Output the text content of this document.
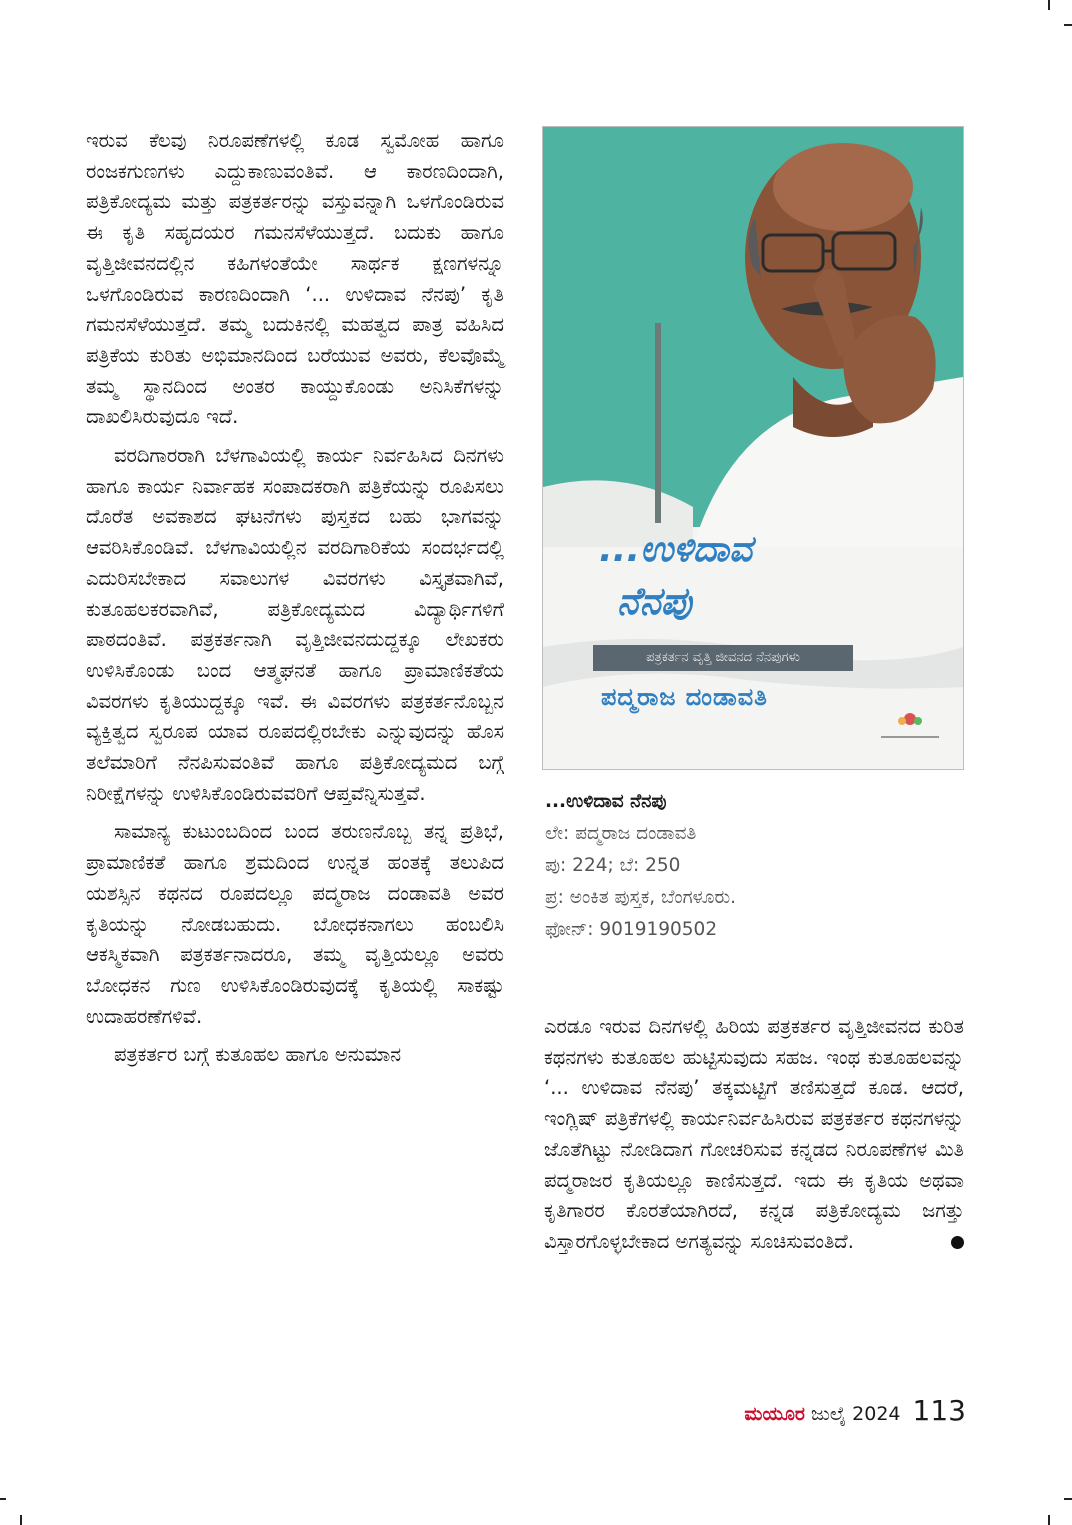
ಇರುವ ಕೆಲವು ನಿರೂಪಣೆಗಳಲ್ಲಿ ಕೂಡ ಸ್ವಮೋಹ ಹಾಗೂ ರಂಜಕಗುಣಗಳು ಎದ್ದುಕಾಣುವಂತಿವೆ. ಆ ಕಾರಣದಿಂದಾಗಿ, ಪತ್ರಿಕೋದ್ಯಮ ಮತ್ತು ಪತ್ರಕರ್ತರನ್ನು ವಸ್ತುವನ್ನಾಗಿ ಒಳಗೊಂಡಿರುವ ಈ ಕೃತಿ ಸಹೃದಯರ ಗಮನಸೆಳೆಯುತ್ತದೆ. ಬದುಕು ಹಾಗೂ ವೃತ್ತಿಜೀವನದಲ್ಲಿನ ಕಹಿಗಳಂತೆಯೇ ಸಾರ್ಥಕ ಕ್ಷಣಗಳನ್ನೂ ಒಳಗೊಂಡಿರುವ ಕಾರಣದಿಂದಾಗಿ ‘... ಉಳಿದಾವ ನೆನಪು’ ಕೃತಿ ಗಮನಸೆಳೆಯುತ್ತದೆ. ತಮ್ಮ ಬದುಕಿನಲ್ಲಿ ಮಹತ್ವದ ಪಾತ್ರ ವಹಿಸಿದ ಪತ್ರಿಕೆಯ ಕುರಿತು ಅಭಿಮಾನದಿಂದ ಬರೆಯುವ ಅವರು, ಕೆಲವೊಮ್ಮೆ ತಮ್ಮ ಸ್ಥಾನದಿಂದ ಅಂತರ ಕಾಯ್ದುಕೊಂಡು ಅನಿಸಿಕೆಗಳನ್ನು ದಾಖಲಿಸಿರುವುದೂ ಇದೆ.

ವರದಿಗಾರರಾಗಿ ಬೆಳಗಾವಿಯಲ್ಲಿ ಕಾರ್ಯ ನಿರ್ವಹಿಸಿದ ದಿನಗಳು ಹಾಗೂ ಕಾರ್ಯ ನಿರ್ವಾಹಕ ಸಂಪಾದಕರಾಗಿ ಪತ್ರಿಕೆಯನ್ನು ರೂಪಿಸಲು ದೊರೆತ ಅವಕಾಶದ ಘಟನೆಗಳು ಪುಸ್ತಕದ ಬಹು ಭಾಗವನ್ನು ಆವರಿಸಿಕೊಂಡಿವೆ. ಬೆಳಗಾವಿಯಲ್ಲಿನ ವರದಿಗಾರಿಕೆಯ ಸಂದರ್ಭದಲ್ಲಿ ಎದುರಿಸಬೇಕಾದ ಸವಾಲುಗಳ ವಿವರಗಳು ವಿಸ್ತೃತವಾಗಿವೆ, ಕುತೂಹಲಕರವಾಗಿವೆ, ಪತ್ರಿಕೋದ್ಯಮದ ವಿದ್ಯಾರ್ಥಿಗಳಿಗೆ ಪಾಠದಂತಿವೆ. ಪತ್ರಕರ್ತನಾಗಿ ವೃತ್ತಿಜೀವನದುದ್ದಕ್ಕೂ ಲೇಖಕರು ಉಳಿಸಿಕೊಂಡು ಬಂದ ಆತ್ಮಘನತೆ ಹಾಗೂ ಪ್ರಾಮಾಣಿಕತೆಯ ವಿವರಗಳು ಕೃತಿಯುದ್ದಕ್ಕೂ ಇವೆ. ಈ ವಿವರಗಳು ಪತ್ರಕರ್ತನೊಬ್ಬನ ವ್ಯಕ್ತಿತ್ವದ ಸ್ವರೂಪ ಯಾವ ರೂಪದಲ್ಲಿರಬೇಕು ಎನ್ನುವುದನ್ನು ಹೊಸ ತಲೆಮಾರಿಗೆ ನೆನಪಿಸುವಂತಿವೆ ಹಾಗೂ ಪತ್ರಿಕೋದ್ಯಮದ ಬಗ್ಗೆ ನಿರೀಕ್ಷೆಗಳನ್ನು ಉಳಿಸಿಕೊಂಡಿರುವವರಿಗೆ ಆಪ್ತವೆನ್ನಿಸುತ್ತವೆ.

ಸಾಮಾನ್ಯ ಕುಟುಂಬದಿಂದ ಬಂದ ತರುಣನೊಬ್ಬ ತನ್ನ ಪ್ರತಿಭೆ, ಪ್ರಾಮಾಣಿಕತೆ ಹಾಗೂ ಶ್ರಮದಿಂದ ಉನ್ನತ ಹಂತಕ್ಕೆ ತಲುಪಿದ ಯಶಸ್ಸಿನ ಕಥನದ ರೂಪದಲ್ಲೂ ಪದ್ಮರಾಜ ದಂಡಾವತಿ ಅವರ ಕೃತಿಯನ್ನು ನೋಡಬಹುದು. ಬೋಧಕನಾಗಲು ಹಂಬಲಿಸಿ ಆಕಸ್ಮಿಕವಾಗಿ ಪತ್ರಕರ್ತನಾದರೂ, ತಮ್ಮ ವೃತ್ತಿಯಲ್ಲೂ ಅವರು ಬೋಧಕನ ಗುಣ ಉಳಿಸಿಕೊಂಡಿರುವುದಕ್ಕೆ ಕೃತಿಯಲ್ಲಿ ಸಾಕಷ್ಟು ಉದಾಹರಣೆಗಳಿವೆ.

ಪತ್ರಕರ್ತರ ಬಗ್ಗೆ ಕುತೂಹಲ ಹಾಗೂ ಅನುಮಾನ

...ಉಳಿದಾವ
ನೆನಪು
ಪತ್ರಕರ್ತನ ವೃತ್ತಿ ಜೀವನದ ನೆನಪುಗಳು
ಪದ್ಮರಾಜ ದಂಡಾವತಿ
...ಉಳಿದಾವ ನೆನಪು
ಲೇ: ಪದ್ಮರಾಜ ದಂಡಾವತಿ
ಪು: 224; ಬೆ: 250
ಪ್ರ: ಅಂಕಿತ ಪುಸ್ತಕ, ಬೆಂಗಳೂರು.
ಫೋನ್: 9019190502

ಎರಡೂ ಇರುವ ದಿನಗಳಲ್ಲಿ ಹಿರಿಯ ಪತ್ರಕರ್ತರ ವೃತ್ತಿಜೀವನದ ಕುರಿತ ಕಥನಗಳು ಕುತೂಹಲ ಹುಟ್ಟಿಸುವುದು ಸಹಜ. ಇಂಥ ಕುತೂಹಲವನ್ನು ‘... ಉಳಿದಾವ ನೆನಪು’ ತಕ್ಕಮಟ್ಟಿಗೆ ತಣಿಸುತ್ತದೆ ಕೂಡ. ಆದರೆ, ಇಂಗ್ಲಿಷ್ ಪತ್ರಿಕೆಗಳಲ್ಲಿ ಕಾರ್ಯನಿರ್ವಹಿಸಿರುವ ಪತ್ರಕರ್ತರ ಕಥನಗಳನ್ನು ಜೊತೆಗಿಟ್ಟು ನೋಡಿದಾಗ ಗೋಚರಿಸುವ ಕನ್ನಡದ ನಿರೂಪಣೆಗಳ ಮಿತಿ ಪದ್ಮರಾಜರ ಕೃತಿಯಲ್ಲೂ ಕಾಣಿಸುತ್ತದೆ. ಇದು ಈ ಕೃತಿಯ ಅಥವಾ ಕೃತಿಗಾರರ ಕೊರತೆಯಾಗಿರದೆ, ಕನ್ನಡ ಪತ್ರಿಕೋದ್ಯಮ ಜಗತ್ತು ವಿಸ್ತಾರಗೊಳ್ಳಬೇಕಾದ ಅಗತ್ಯವನ್ನು ಸೂಚಿಸುವಂತಿದೆ.

ಮಯೂರ ಜುಲೈ 2024 113
